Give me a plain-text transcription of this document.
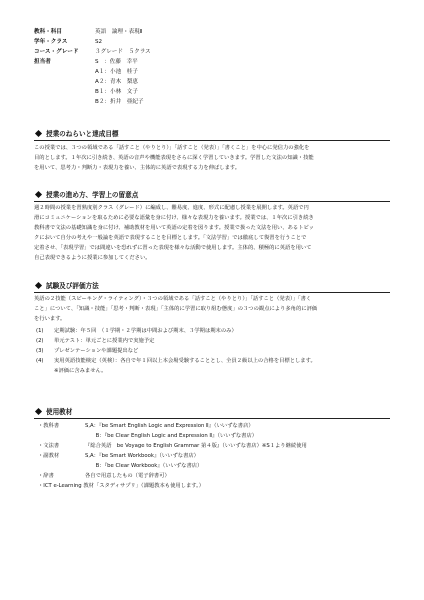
教科・科目	英語　論理・表現Ⅱ
学年・クラス	S2
コース・グレード	３グレード　５クラス
担当者	S　：佐藤　幸平
A１：小池　桂子
A２：青木　梨恵
B１：小林　文子
B２：折井　亜紀子
授業のねらいと達成目標
この授業では、３つの領域である「話すこと（やりとり）」「話すこと（発表）」「書くこと」を中心に発信力の強化を
目的とします。１年次に引き続き、英語の音声や機能表現をさらに深く学習していきます。学習した文法の知識・技能
を用いて、思考力・判断力・表現力を養い、主体的に英語で表現する力を伸ばします。
授業の進め方、学習上の留意点
週２時間の授業を習熟度別クラス（グレード）に編成し、難易度、進度、形式に配慮し授業を展開します。英語で円
滑にコミュニケーションを取るために必要な語彙を身に付け、様々な表現力を養います。授業では、１年次に引き続き
教科書で文法の基礎知識を身に付け、補助教材を用いて英語の定着を図ります。授業で扱った文法を用い、あるトピッ
クにおいて自分の考えや一般論を英語で表現することを目標とします。「文法学習」では徹底して復習を行うことで
定着させ、「表現学習」では間違いを恐れずに習った表現を様々な活動で使用します。主体的、積極的に英語を用いて
自己表現できるように授業に参加してください。
試験及び評価方法
英語の２技能（スピーキング・ライティング）・３つの領域である「話すこと（やりとり）」「話すこと（発表）」「書く
こと」について、「知識・技能」「思考・判断・表現」「主体的に学習に取り組む態度」の３つの観点により多角的に評価
を行います。
(1)	定期試験：年５回　（１学期・２学期は中間および期末、３学期は期末のみ）
(2)	単元テスト：単元ごとに授業内で実施予定
(3)	プレゼンテーションや課題提出など
(4)	実用英語技能検定（英検）：各自で年１回以上本会場受験することとし、全員２級以上の合格を目標とします。
※評価に含みません。
使用教材
・教科書	S,A：『be Smart English Logic and Expression Ⅱ』（いいずな書店）
　　B：『be Clear English Logic and Expression Ⅱ』（いいずな書店）
・文法書	『総合英語　be Voyage to English Grammar 第４版』（いいずな書店）※S１より継続使用
・副教材	S,A：『be Smart Workbook』（いいずな書店）
　　B：『be Clear Workbook』（いいずな書店）
・辞書	各自で用意したもの（電子辞書可）
・ICT e-Learning 教材「スタディサプリ」（課題教本も使用します。）
